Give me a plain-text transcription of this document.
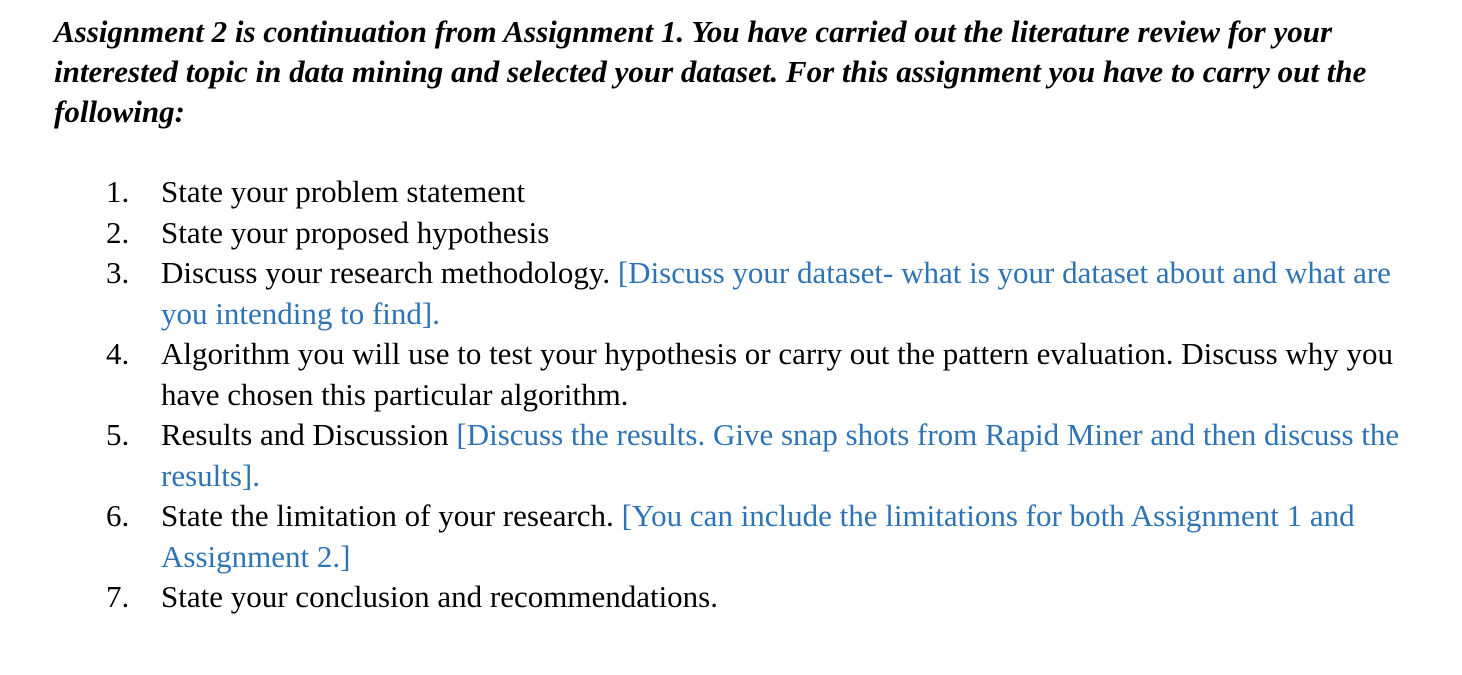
Assignment 2 is continuation from Assignment 1. You have carried out the literature review for your interested topic in data mining and selected your dataset. For this assignment you have to carry out the following:

1.	State your problem statement
2.	State your proposed hypothesis
3.	Discuss your research methodology. [Discuss your dataset- what is your dataset about and what are you intending to find].
4.	Algorithm you will use to test your hypothesis or carry out the pattern evaluation. Discuss why you have chosen this particular algorithm.
5.	Results and Discussion [Discuss the results. Give snap shots from Rapid Miner and then discuss the results].
6.	State the limitation of your research. [You can include the limitations for both Assignment 1 and Assignment 2.]
7.	State your conclusion and recommendations.
